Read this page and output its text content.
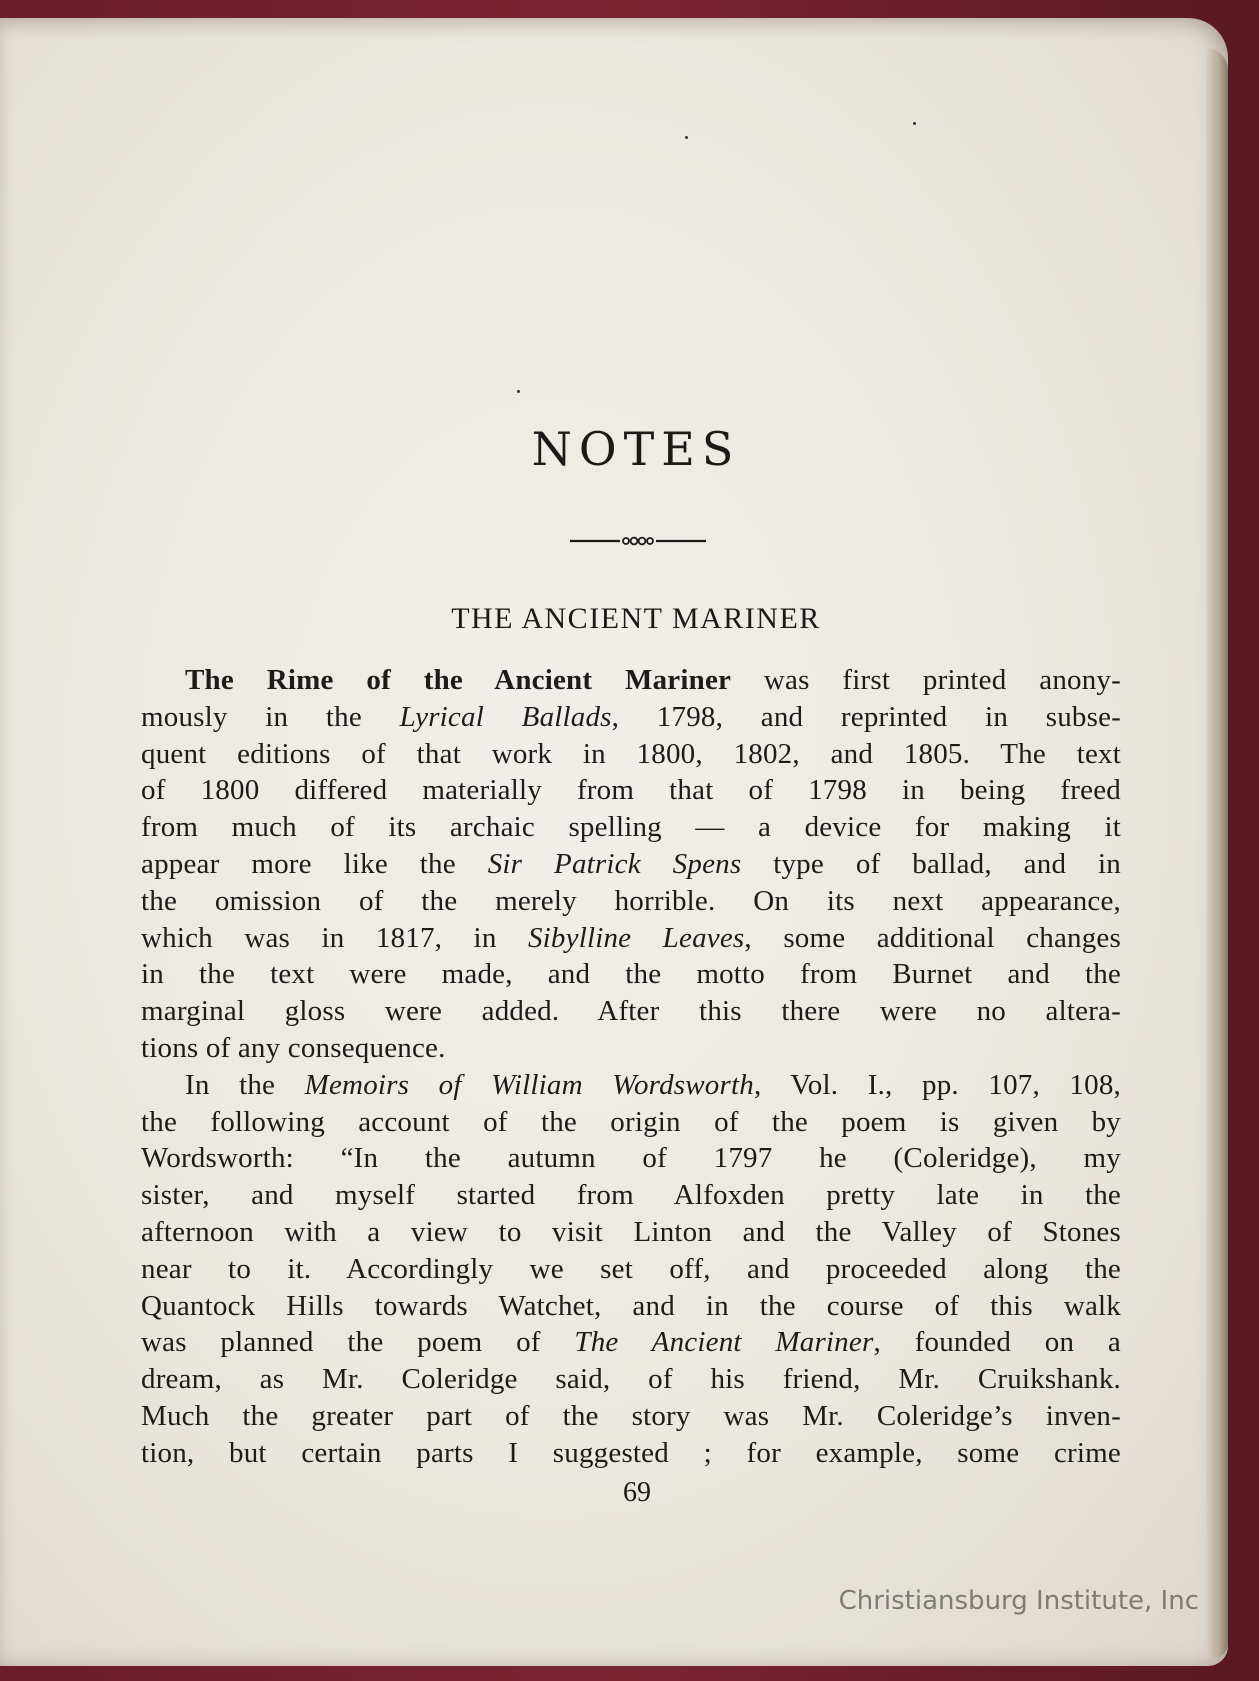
NOTES
THE ANCIENT MARINER
The Rime of the Ancient Mariner was first printed anony-
mously in the Lyrical Ballads, 1798, and reprinted in subse-
quent editions of that work in 1800, 1802, and 1805. The text
of 1800 differed materially from that of 1798 in being freed
from much of its archaic spelling — a device for making it
appear more like the Sir Patrick Spens type of ballad, and in
the omission of the merely horrible. On its next appearance,
which was in 1817, in Sibylline Leaves, some additional changes
in the text were made, and the motto from Burnet and the
marginal gloss were added. After this there were no altera-
tions of any consequence.
In the Memoirs of William Wordsworth, Vol. I., pp. 107, 108,
the following account of the origin of the poem is given by
Wordsworth: “In the autumn of 1797 he (Coleridge), my
sister, and myself started from Alfoxden pretty late in the
afternoon with a view to visit Linton and the Valley of Stones
near to it. Accordingly we set off, and proceeded along the
Quantock Hills towards Watchet, and in the course of this walk
was planned the poem of The Ancient Mariner, founded on a
dream, as Mr. Coleridge said, of his friend, Mr. Cruikshank.
Much the greater part of the story was Mr. Coleridge’s inven-
tion, but certain parts I suggested ; for example, some crime
69
Christiansburg Institute, Inc
